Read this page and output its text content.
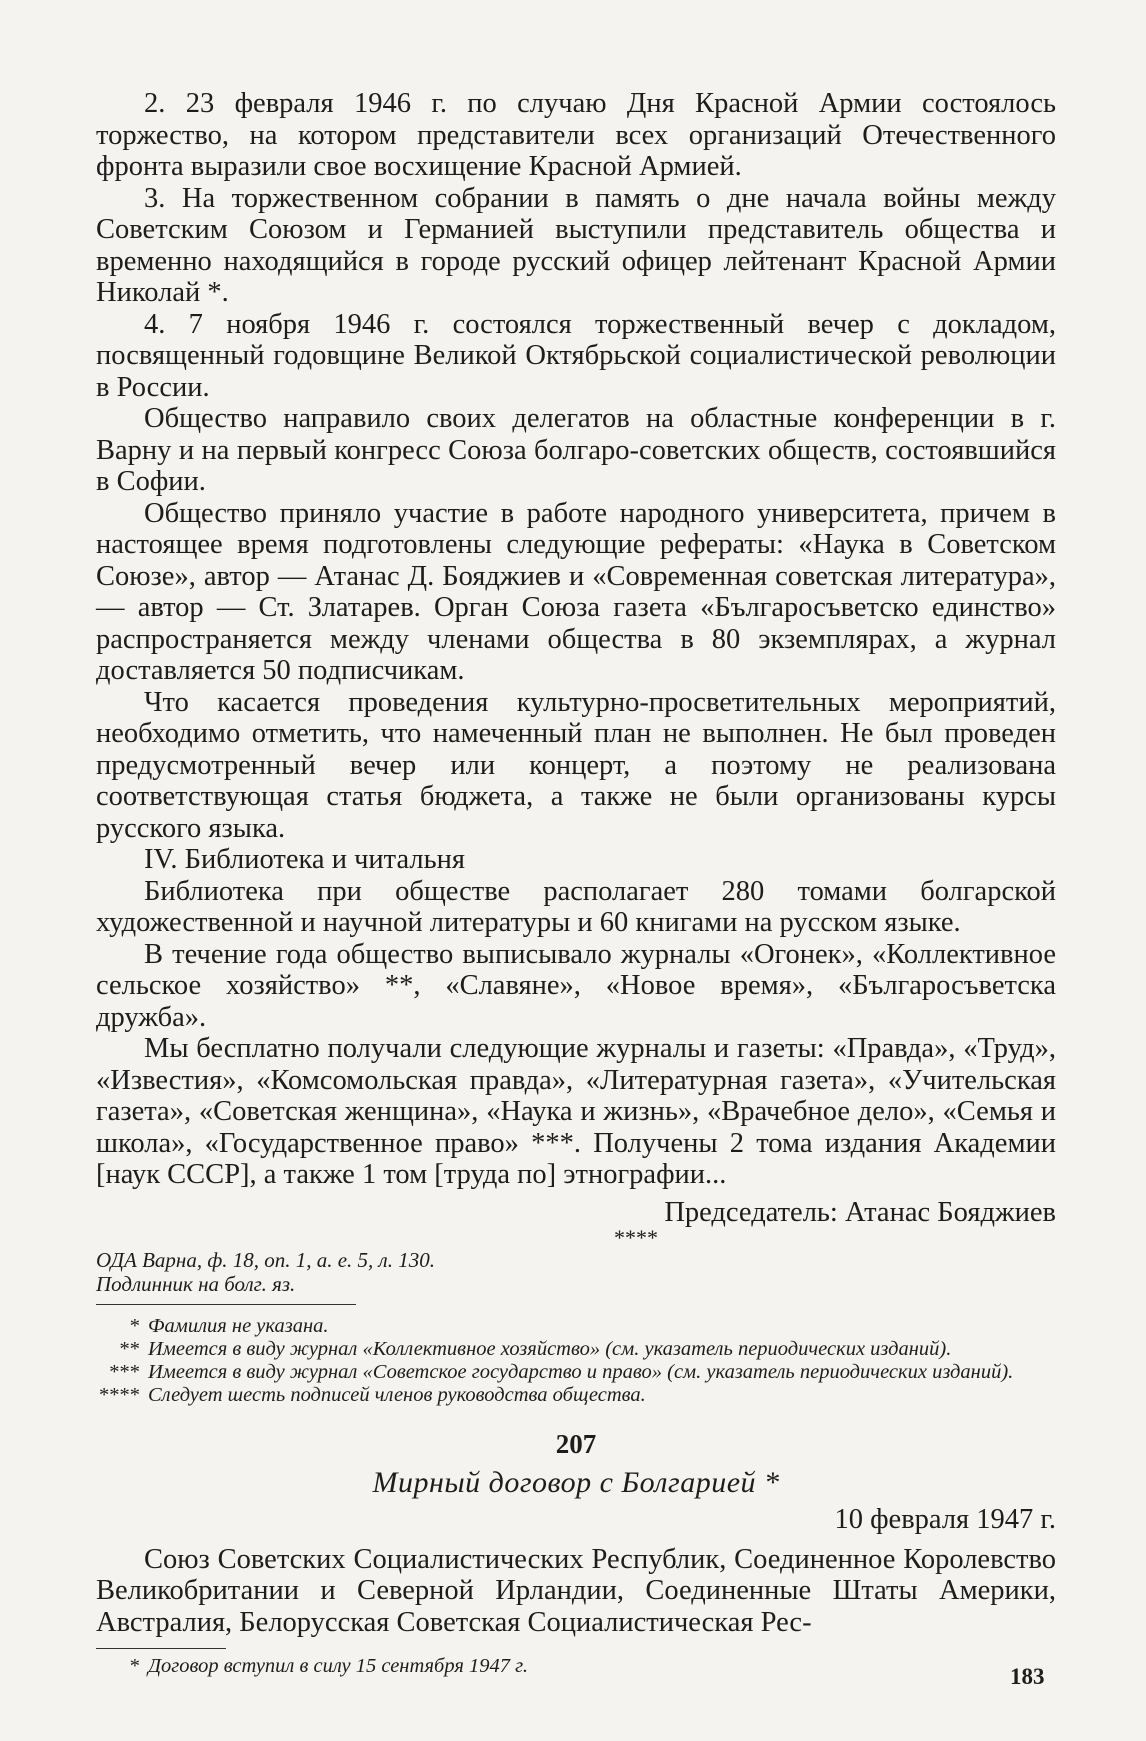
2. 23 февраля 1946 г. по случаю Дня Красной Армии состоялось торжество, на котором представители всех организаций Отечественного фронта выразили свое восхищение Красной Армией.

3. На торжественном собрании в память о дне начала войны между Советским Союзом и Германией выступили представитель общества и временно находящийся в городе русский офицер лейтенант Красной Армии Николай *.

4. 7 ноября 1946 г. состоялся торжественный вечер с докладом, посвященный годовщине Великой Октябрьской социалистической революции в России.

Общество направило своих делегатов на областные конференции в г. Варну и на первый конгресс Союза болгаро-советских обществ, состоявшийся в Софии.

Общество приняло участие в работе народного университета, причем в настоящее время подготовлены следующие рефераты: «Наука в Советском Союзе», автор — Атанас Д. Бояджиев и «Современная советская литература»,— автор — Ст. Златарев. Орган Союза газета «Българосъветско единство» распространяется между членами общества в 80 экземплярах, а журнал доставляется 50 подписчикам.

Что касается проведения культурно-просветительных мероприятий, необходимо отметить, что намеченный план не выполнен. Не был проведен предусмотренный вечер или концерт, а поэтому не реализована соответствующая статья бюджета, а также не были организованы курсы русского языка.

IV. Библиотека и читальня

Библиотека при обществе располагает 280 томами болгарской художественной и научной литературы и 60 книгами на русском языке.

В течение года общество выписывало журналы «Огонек», «Коллективное сельское хозяйство» **, «Славяне», «Новое время», «Българосъветска дружба».

Мы бесплатно получали следующие журналы и газеты: «Правда», «Труд», «Известия», «Комсомольская правда», «Литературная газета», «Учительская газета», «Советская женщина», «Наука и жизнь», «Врачебное дело», «Семья и школа», «Государственное право» ***. Получены 2 тома издания Академии [наук СССР], а также 1 том [труда по] этнографии...

Председатель: Атанас Бояджиев

****

ОДА Варна, ф. 18, оп. 1, а. е. 5, л. 130.

Подлинник на болг. яз.

* Фамилия не указана.
** Имеется в виду журнал «Коллективное хозяйство» (см. указатель периодических изданий).
*** Имеется в виду журнал «Советское государство и право» (см. указатель периодических изданий).
**** Следует шесть подписей членов руководства общества.

207

Мирный договор с Болгарией *

10 февраля 1947 г.

Союз Советских Социалистических Республик, Соединенное Королевство Великобритании и Северной Ирландии, Соединенные Штаты Америки, Австралия, Белорусская Советская Социалистическая Рес-

* Договор вступил в силу 15 сентября 1947 г.	183
